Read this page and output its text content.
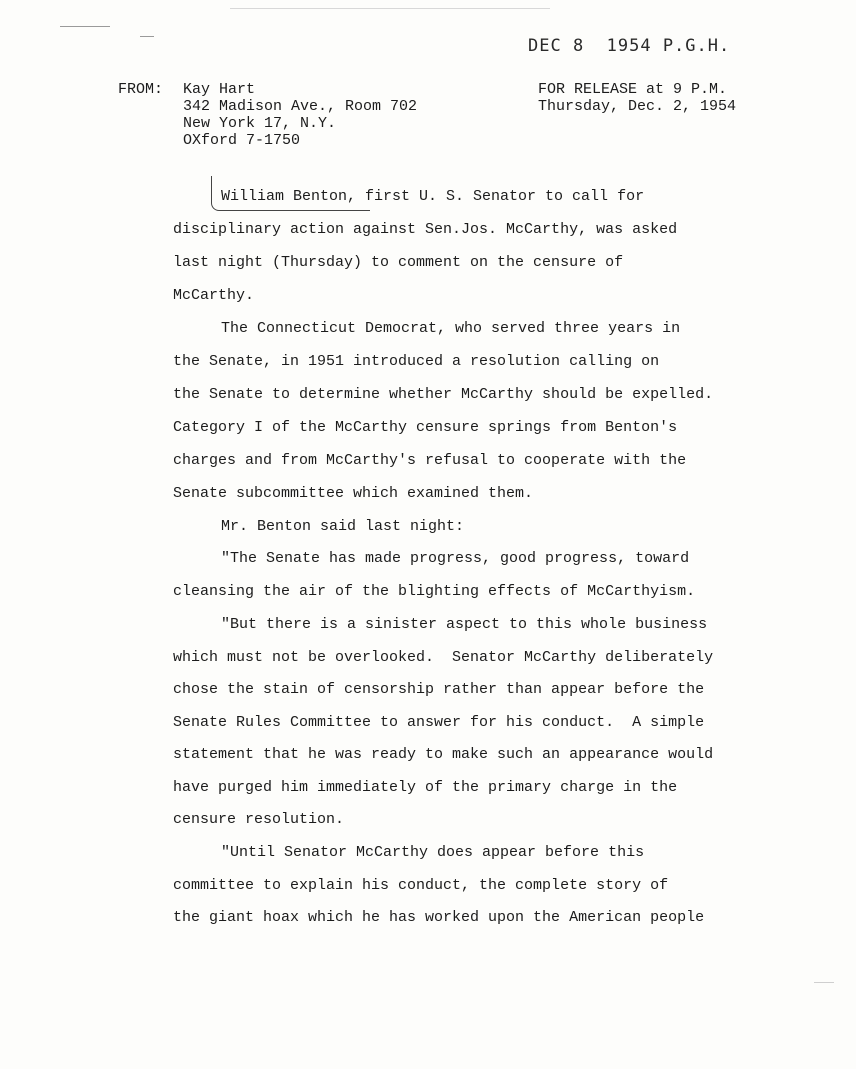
DEC 8  1954 P.G.H.
FROM: Kay Hart
342 Madison Ave., Room 702
New York 17, N.Y.
OXford 7-1750
FOR RELEASE at 9 P.M.
Thursday, Dec. 2, 1954
William Benton, first U. S. Senator to call for
disciplinary action against Sen.Jos. McCarthy, was asked
last night (Thursday) to comment on the censure of
McCarthy.
The Connecticut Democrat, who served three years in
the Senate, in 1951 introduced a resolution calling on
the Senate to determine whether McCarthy should be expelled.
Category I of the McCarthy censure springs from Benton's
charges and from McCarthy's refusal to cooperate with the
Senate subcommittee which examined them.
Mr. Benton said last night:
"The Senate has made progress, good progress, toward
cleansing the air of the blighting effects of McCarthyism.
"But there is a sinister aspect to this whole business
which must not be overlooked.  Senator McCarthy deliberately
chose the stain of censorship rather than appear before the
Senate Rules Committee to answer for his conduct.  A simple
statement that he was ready to make such an appearance would
have purged him immediately of the primary charge in the
censure resolution.
"Until Senator McCarthy does appear before this
committee to explain his conduct, the complete story of
the giant hoax which he has worked upon the American people
